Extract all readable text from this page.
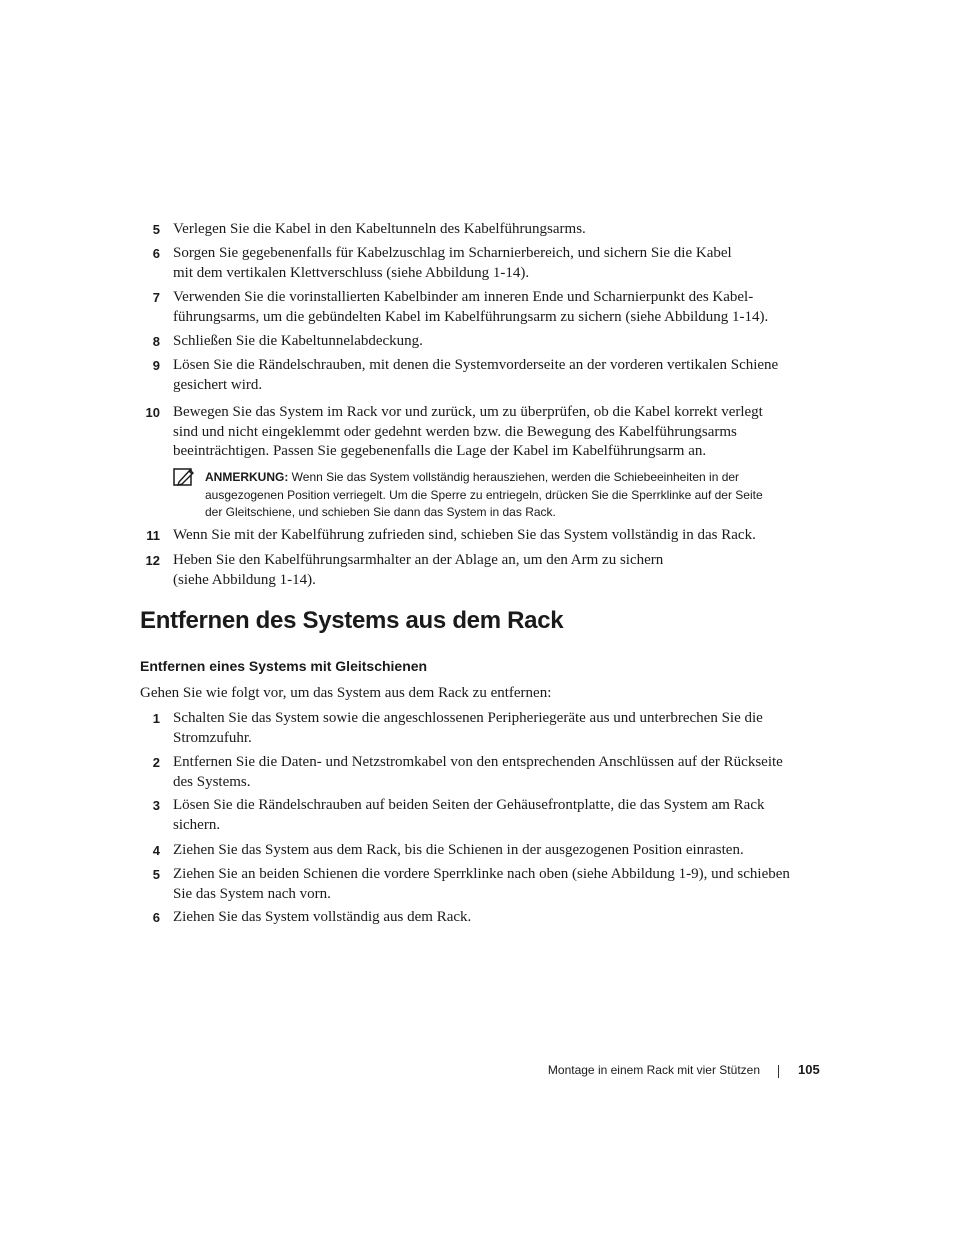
5 Verlegen Sie die Kabel in den Kabeltunneln des Kabelführungsarms.
6 Sorgen Sie gegebenenfalls für Kabelzuschlag im Scharnierbereich, und sichern Sie die Kabel
mit dem vertikalen Klettverschluss (siehe Abbildung 1-14).
7 Verwenden Sie die vorinstallierten Kabelbinder am inneren Ende und Scharnierpunkt des Kabel-
führungsarms, um die gebündelten Kabel im Kabelführungsarm zu sichern (siehe Abbildung 1-14).
8 Schließen Sie die Kabeltunnelabdeckung.
9 Lösen Sie die Rändelschrauben, mit denen die Systemvorderseite an der vorderen vertikalen Schiene
gesichert wird.
10 Bewegen Sie das System im Rack vor und zurück, um zu überprüfen, ob die Kabel korrekt verlegt
sind und nicht eingeklemmt oder gedehnt werden bzw. die Bewegung des Kabelführungsarms
beeinträchtigen. Passen Sie gegebenenfalls die Lage der Kabel im Kabelführungsarm an.
ANMERKUNG: Wenn Sie das System vollständig herausziehen, werden die Schiebeeinheiten in der
ausgezogenen Position verriegelt. Um die Sperre zu entriegeln, drücken Sie die Sperrklinke auf der Seite
der Gleitschiene, und schieben Sie dann das System in das Rack.
11 Wenn Sie mit der Kabelführung zufrieden sind, schieben Sie das System vollständig in das Rack.
12 Heben Sie den Kabelführungsarmhalter an der Ablage an, um den Arm zu sichern
(siehe Abbildung 1-14).
Entfernen des Systems aus dem Rack
Entfernen eines Systems mit Gleitschienen
Gehen Sie wie folgt vor, um das System aus dem Rack zu entfernen:
1 Schalten Sie das System sowie die angeschlossenen Peripheriegeräte aus und unterbrechen Sie die
Stromzufuhr.
2 Entfernen Sie die Daten- und Netzstromkabel von den entsprechenden Anschlüssen auf der Rückseite
des Systems.
3 Lösen Sie die Rändelschrauben auf beiden Seiten der Gehäusefrontplatte, die das System am Rack
sichern.
4 Ziehen Sie das System aus dem Rack, bis die Schienen in der ausgezogenen Position einrasten.
5 Ziehen Sie an beiden Schienen die vordere Sperrklinke nach oben (siehe Abbildung 1-9), und schieben
Sie das System nach vorn.
6 Ziehen Sie das System vollständig aus dem Rack.
Montage in einem Rack mit vier Stützen	105
